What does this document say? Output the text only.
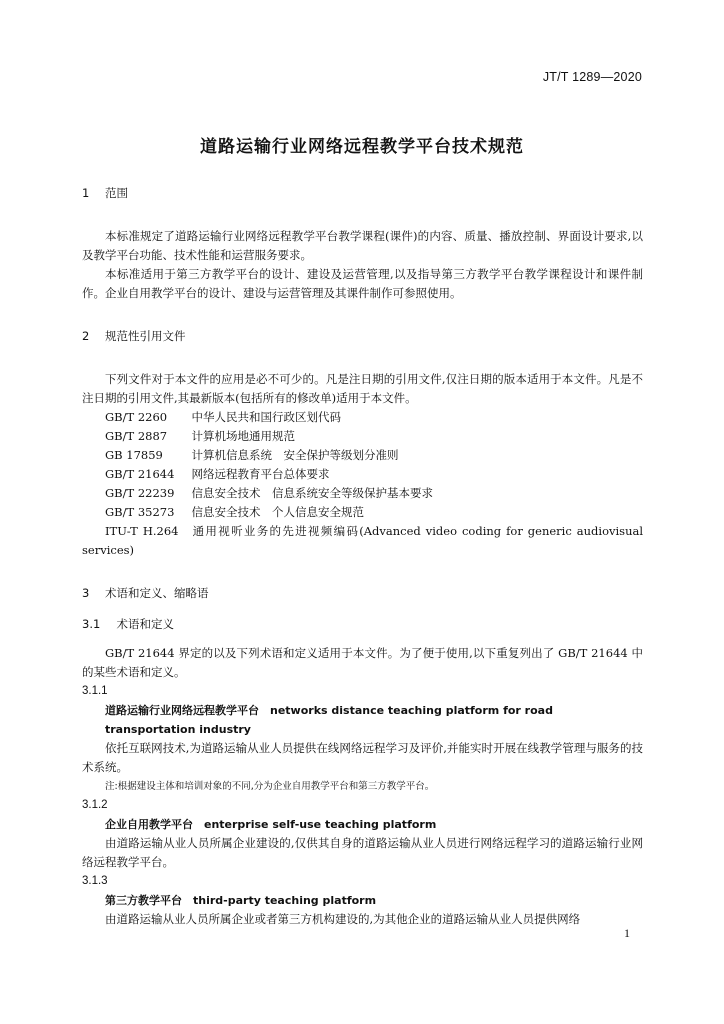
JT/T 1289—2020
道路运输行业网络远程教学平台技术规范

1 范围

本标准规定了道路运输行业网络远程教学平台教学课程(课件)的内容、质量、播放控制、界面设计要求,以及教学平台功能、技术性能和运营服务要求。

本标准适用于第三方教学平台的设计、建设及运营管理,以及指导第三方教学平台教学课程设计和课件制作。企业自用教学平台的设计、建设与运营管理及其课件制作可参照使用。

2 规范性引用文件

下列文件对于本文件的应用是必不可少的。凡是注日期的引用文件,仅注日期的版本适用于本文件。凡是不注日期的引用文件,其最新版本(包括所有的修改单)适用于本文件。

GB/T 2260　 中华人民共和国行政区划代码

GB/T 2887　 计算机场地通用规范

GB 17859　 计算机信息系统　安全保护等级划分准则

GB/T 21644　 网络远程教育平台总体要求

GB/T 22239　 信息安全技术　信息系统安全等级保护基本要求

GB/T 35273　 信息安全技术　个人信息安全规范

ITU-T H.264　 通用视听业务的先进视频编码(Advanced video coding for generic audiovisual services)

3 术语和定义、缩略语

3.1　 术语和定义

GB/T 21644 界定的以及下列术语和定义适用于本文件。为了便于使用,以下重复列出了 GB/T 21644 中的某些术语和定义。

3.1.1

道路运输行业网络远程教学平台　networks distance teaching platform for road transportation industry

依托互联网技术,为道路运输从业人员提供在线网络远程学习及评价,并能实时开展在线教学管理与服务的技术系统。

注:根据建设主体和培训对象的不同,分为企业自用教学平台和第三方教学平台。

3.1.2

企业自用教学平台　enterprise self-use teaching platform

由道路运输从业人员所属企业建设的,仅供其自身的道路运输从业人员进行网络远程学习的道路运输行业网络远程教学平台。

3.1.3

第三方教学平台　third-party teaching platform

由道路运输从业人员所属企业或者第三方机构建设的,为其他企业的道路运输从业人员提供网络

1
